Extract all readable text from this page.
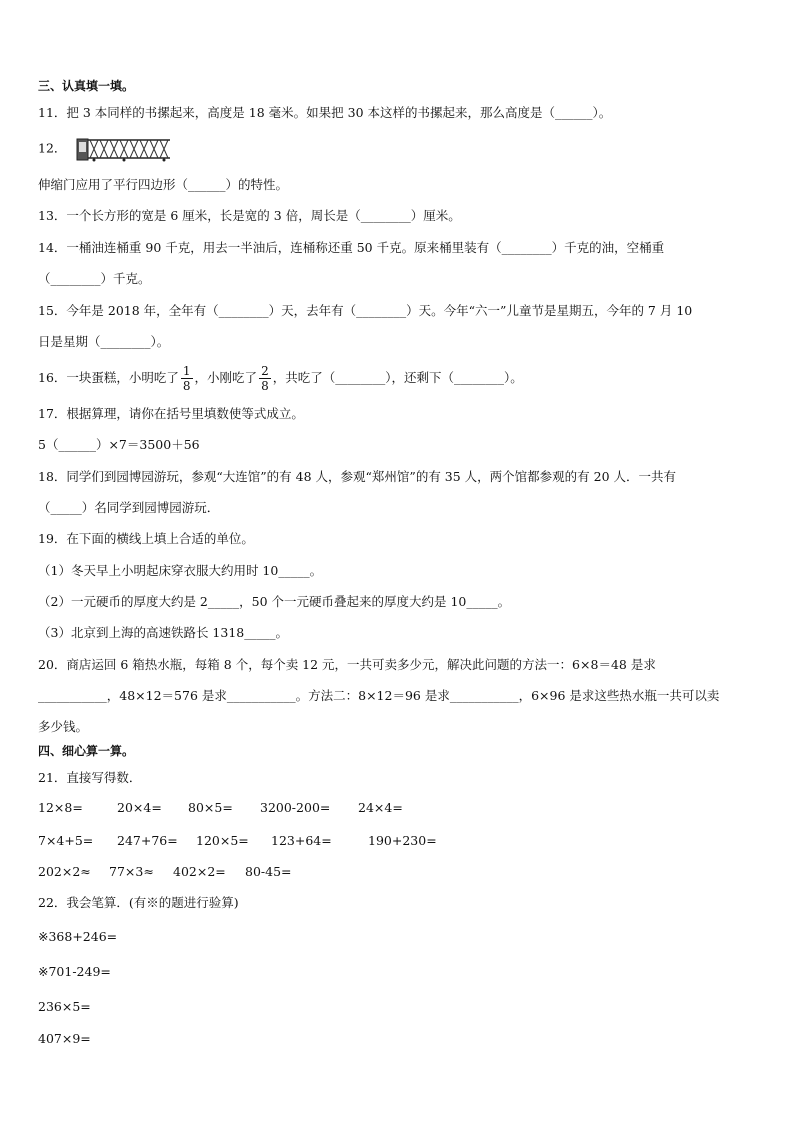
三、认真填一填。
11．把 3 本同样的书摞起来，高度是 18 毫米。如果把 30 本这样的书摞起来，那么高度是（______）。
12．
伸缩门应用了平行四边形（______）的特性。
13．一个长方形的宽是 6 厘米，长是宽的 3 倍，周长是（________）厘米。
14．一桶油连桶重 90 千克，用去一半油后，连桶称还重 50 千克。原来桶里装有（________）千克的油，空桶重
（________）千克。
15．今年是 2018 年，全年有（________）天，去年有（________）天。今年“六一”儿童节是星期五，今年的 7 月 10
日是星期（________）。
16．一块蛋糕，小明吃了 $\frac{1}{8}$ ，小刚吃了 $\frac{2}{8}$ ，共吃了（________），还剩下（________）。
17．根据算理，请你在括号里填数使等式成立。
5（______）×7＝3500＋56
18．同学们到园博园游玩，参观“大连馆”的有 48 人，参观“郑州馆”的有 35 人，两个馆都参观的有 20 人．一共有
（_____）名同学到园博园游玩．
19．在下面的横线上填上合适的单位。
（1）冬天早上小明起床穿衣服大约用时 10_____。
（2）一元硬币的厚度大约是 2_____，50 个一元硬币叠起来的厚度大约是 10_____。
（3）北京到上海的高速铁路长 1318_____。
20．商店运回 6 箱热水瓶，每箱 8 个，每个卖 12 元，一共可卖多少元，解决此问题的方法一：6×8＝48 是求
___________，48×12＝576 是求___________。方法二：8×12＝96 是求___________，6×96 是求这些热水瓶一共可以卖
多少钱。
四、细心算一算。
21．直接写得数．
12×8=	20×4= 80×5= 3200-200= 24×4=
7×4+5= 247+76= 120×5= 123+64=	190+230=
202×2≈ 77×3≈ 402×2= 80-45=
22．我会笔算．(有※的题进行验算)
※368+246=
※701-249=
236×5=
407×9=
